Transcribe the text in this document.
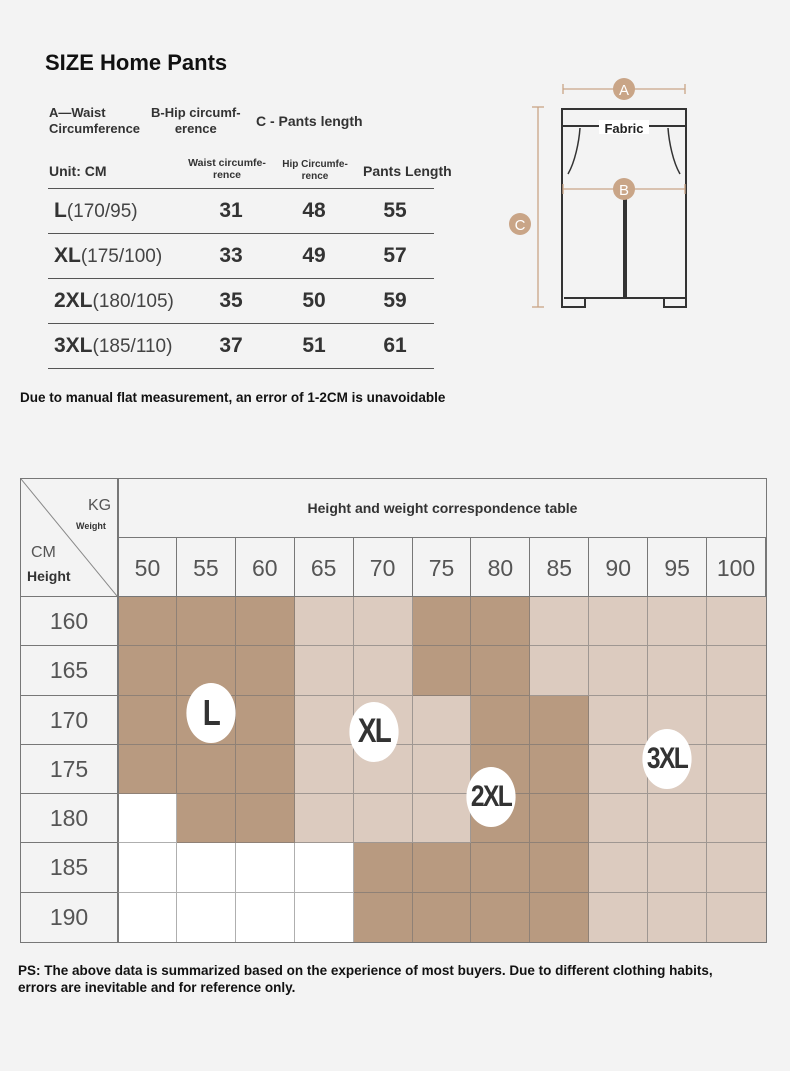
SIZE Home Pants
A—Waist
Circumference
B-Hip circumf-
erence	C - Pants length
Unit: CM	Waist circumfe-
rence
Hip Circumfe-
rence	Pants Length
L(170/95)	31	48	55
XL(175/100)	33	49	57
2XL(180/105)	35	50	59
3XL(185/110)	37	51	61
A
B
C
Fabric
Due to manual flat measurement, an error of 1-2CM is unavoidable
Height and weight correspondence table
KG
Weight
CM
Height	50	55	60	65	70	75	80	85	90	95	100
160
165
170
175
180
185
190
L	XL
2XL
3XL
PS: The above data is summarized based on the experience of most buyers. Due to different clothing habits,
errors are inevitable and for reference only.
